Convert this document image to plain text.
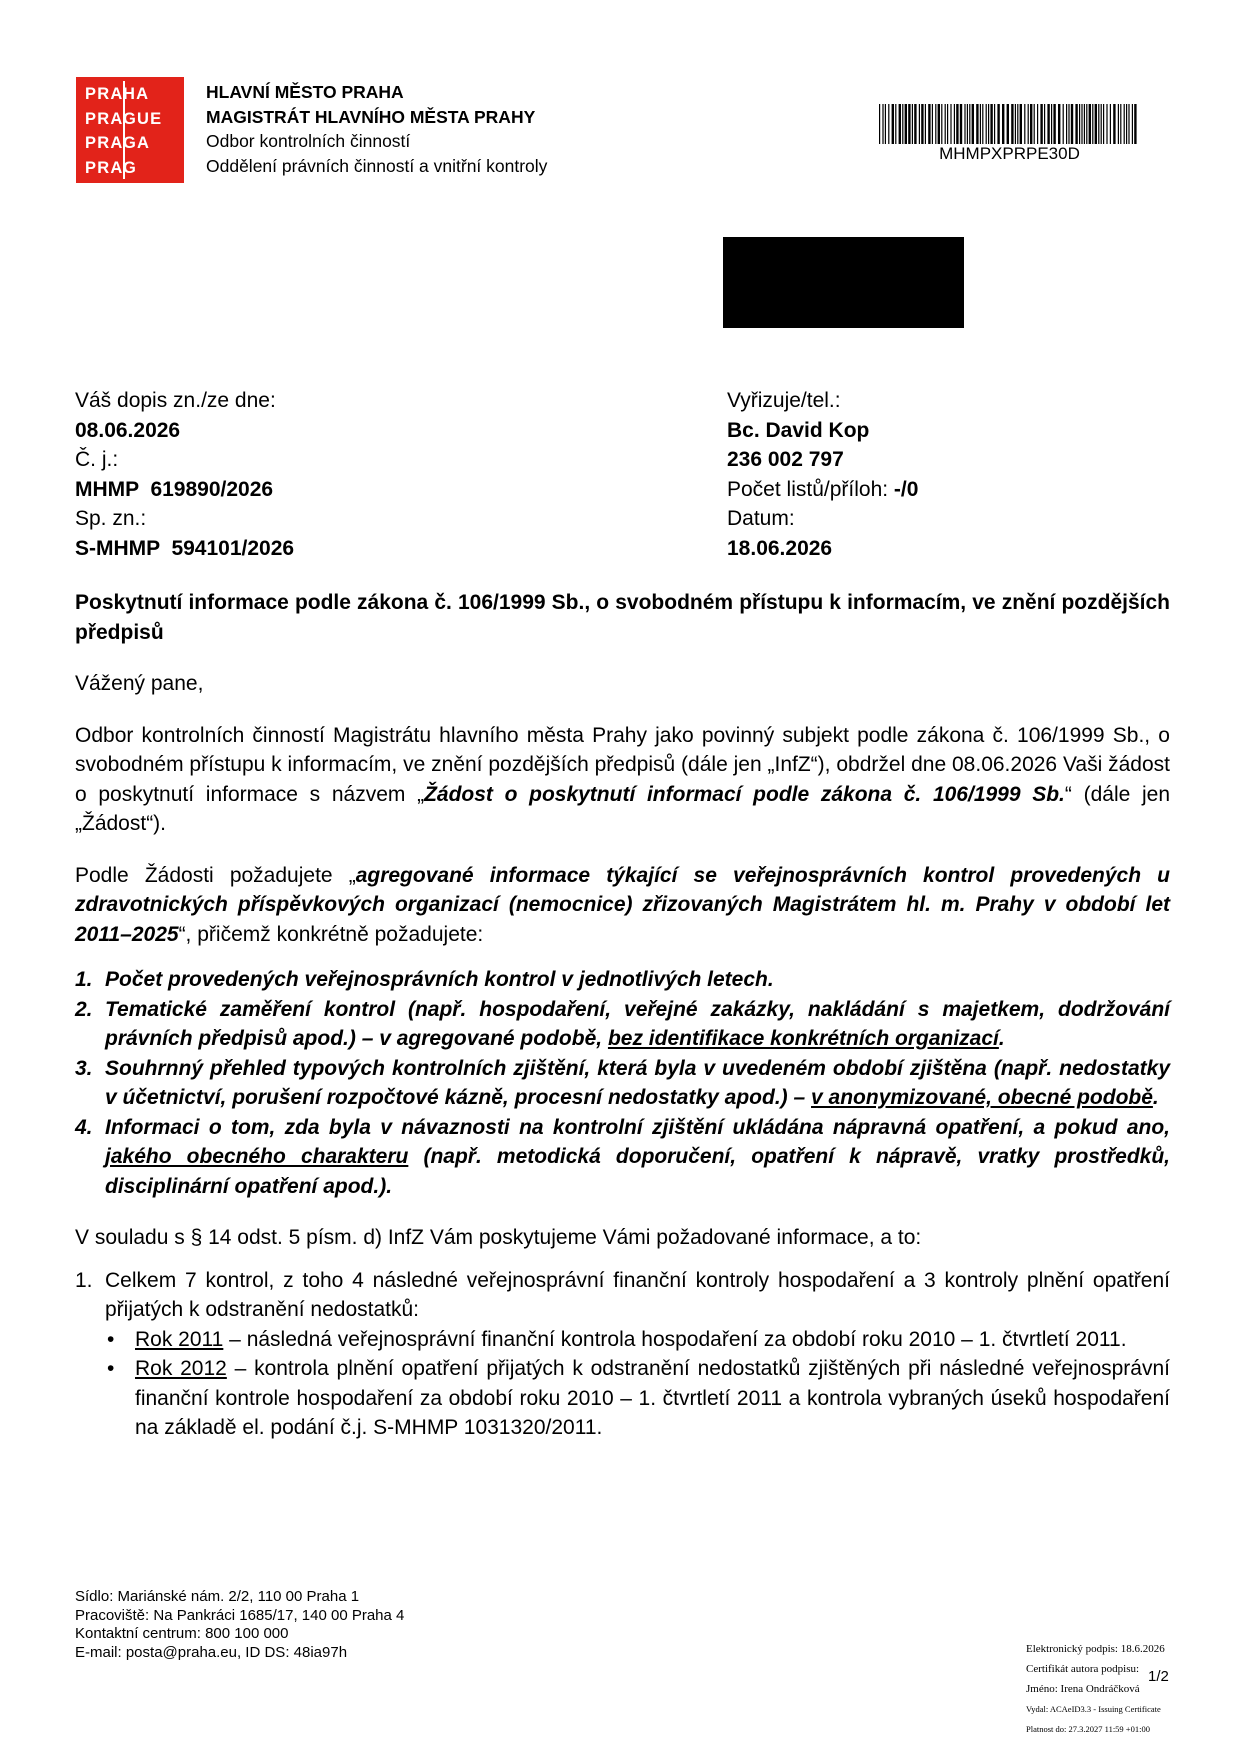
PRA HA
PRA GUE
PRA GA
PRA G
HLAVNÍ MĚSTO PRAHA
MAGISTRÁT HLAVNÍHO MĚSTA PRAHY
Odbor kontrolních činností
Oddělení právních činností a vnitřní kontroly
MHMPXPRPE30D
Váš dopis zn./ze dne:
08.06.2026
Č. j.:
MHMP  619890/2026
Sp. zn.:
S-MHMP  594101/2026
Vyřizuje/tel.:
Bc. David Kop
236 002 797
Počet listů/příloh: -/0
Datum:
18.06.2026

Poskytnutí informace podle zákona č. 106/1999 Sb., o svobodném přístupu k informacím, ve znění pozdějších předpisů

Vážený pane,

Odbor kontrolních činností Magistrátu hlavního města Prahy jako povinný subjekt podle zákona č. 106/1999 Sb., o svobodném přístupu k informacím, ve znění pozdějších předpisů (dále jen „InfZ“), obdržel dne 08.06.2026 Vaši žádost o poskytnutí informace s názvem „Žádost o poskytnutí informací podle zákona č. 106/1999 Sb.“ (dále jen „Žádost“).

Podle Žádosti požadujete „agregované informace týkající se veřejnosprávních kontrol provedených u zdravotnických příspěvkových organizací (nemocnice) zřizovaných Magistrátem hl. m. Prahy v období let 2011–2025“, přičemž konkrétně požadujete:

1. Počet provedených veřejnosprávních kontrol v jednotlivých letech.
2. Tematické zaměření kontrol (např. hospodaření, veřejné zakázky, nakládání s majetkem, dodržování právních předpisů apod.) – v agregované podobě, bez identifikace konkrétních organizací.
3. Souhrnný přehled typových kontrolních zjištění, která byla v uvedeném období zjištěna (např. nedostatky v účetnictví, porušení rozpočtové kázně, procesní nedostatky apod.) – v anonymizované, obecné podobě.
4. Informaci o tom, zda byla v návaznosti na kontrolní zjištění ukládána nápravná opatření, a pokud ano, jakého obecného charakteru (např. metodická doporučení, opatření k nápravě, vratky prostředků, disciplinární opatření apod.).

V souladu s § 14 odst. 5 písm. d) InfZ Vám poskytujeme Vámi požadované informace, a to:

1. Celkem 7 kontrol, z toho 4 následné veřejnosprávní finanční kontroly hospodaření a 3 kontroly plnění opatření přijatých k odstranění nedostatků:
• Rok 2011 – následná veřejnosprávní finanční kontrola hospodaření za období roku 2010 – 1. čtvrtletí 2011.
• Rok 2012 – kontrola plnění opatření přijatých k odstranění nedostatků zjištěných při následné veřejnosprávní finanční kontrole hospodaření za období roku 2010 – 1. čtvrtletí 2011 a kontrola vybraných úseků hospodaření na základě el. podání č.j. S-MHMP 1031320/2011.
Sídlo: Mariánské nám. 2/2, 110 00 Praha 1
Pracoviště: Na Pankráci 1685/17, 140 00 Praha 4
Kontaktní centrum: 800 100 000
E-mail: posta@praha.eu, ID DS: 48ia97h	Elektronický podpis: 18.6.2026
Certifikát autora podpisu:
Jméno: Irena Ondráčková
Vydal: ACAeID3.3 - Issuing Certificate
Platnost do: 27.3.2027 11:59 +01:00
1/2
